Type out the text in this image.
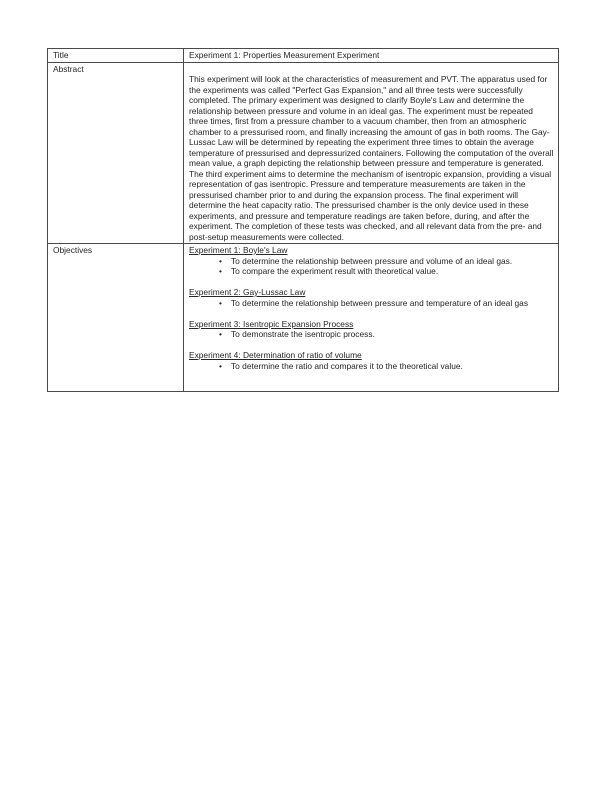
Title	Experiment 1: Properties Measurement Experiment
Abstract	This experiment will look at the characteristics of measurement and PVT. The apparatus used for the experiments was called "Perfect Gas Expansion," and all three tests were successfully completed. The primary experiment was designed to clarify Boyle's Law and determine the relationship between pressure and volume in an ideal gas. The experiment must be repeated three times, first from a pressure chamber to a vacuum chamber, then from an atmospheric chamber to a pressurised room, and finally increasing the amount of gas in both rooms. The Gay-Lussac Law will be determined by repeating the experiment three times to obtain the average temperature of pressurised and depressurized containers. Following the computation of the overall mean value, a graph depicting the relationship between pressure and temperature is generated. The third experiment aims to determine the mechanism of isentropic expansion, providing a visual representation of gas isentropic. Pressure and temperature measurements are taken in the pressurised chamber prior to and during the expansion process. The final experiment will determine the heat capacity ratio. The pressurised chamber is the only device used in these experiments, and pressure and temperature readings are taken before, during, and after the experiment. The completion of these tests was checked, and all relevant data from the pre- and post-setup measurements were collected.

Objectives	Experiment 1: Boyle's Law
• To determine the relationship between pressure and volume of an ideal gas.
• To compare the experiment result with theoretical value.
Experiment 2: Gay-Lussac Law
• To determine the relationship between pressure and temperature of an ideal gas
Experiment 3: Isentropic Expansion Process
• To demonstrate the isentropic process.
Experiment 4: Determination of ratio of volume
• To determine the ratio and compares it to the theoretical value.
